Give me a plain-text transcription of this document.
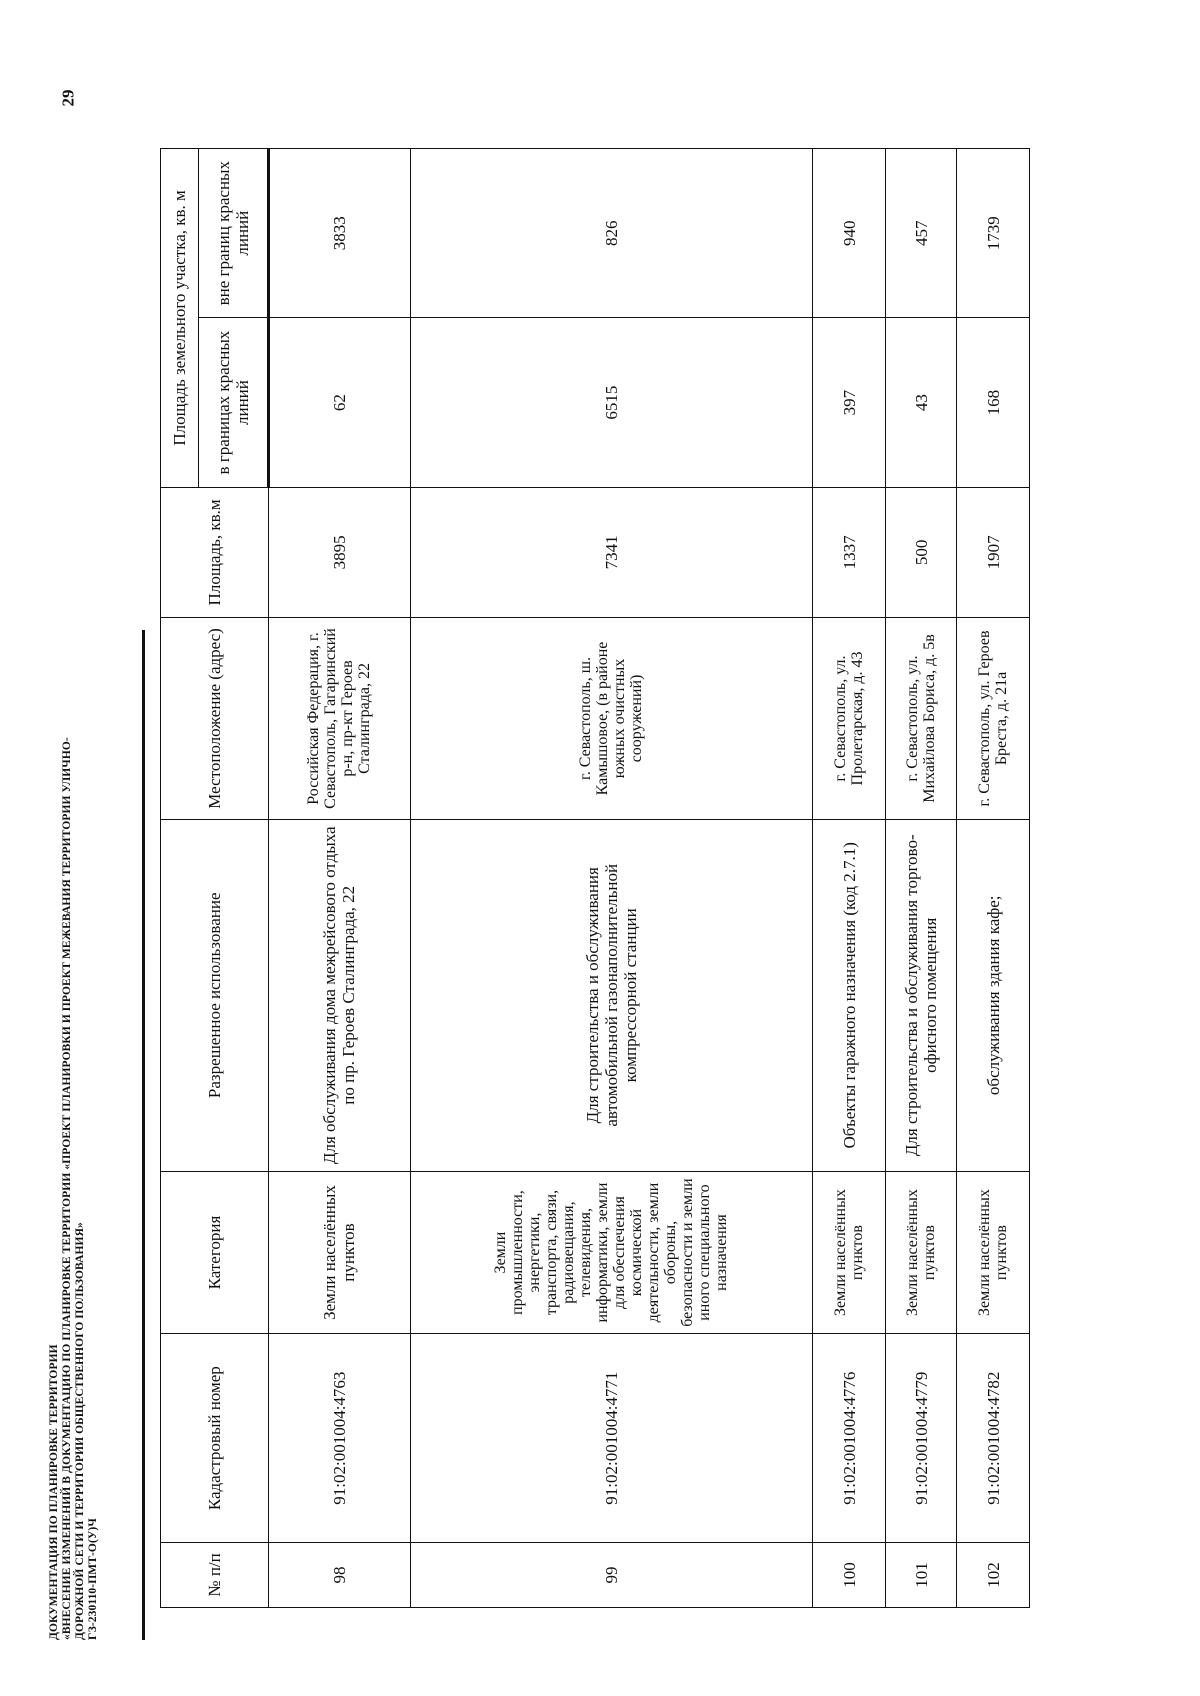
ДОКУМЕНТАЦИЯ ПО ПЛАНИРОВКЕ ТЕРРИТОРИИ «ВНЕСЕНИЕ ИЗМЕНЕНИЙ В ДОКУМЕНТАЦИЮ ПО ПЛАНИРОВКЕ ТЕРРИТОРИИ «ПРОЕКТ ПЛАНИРОВКИ И ПРОЕКТ МЕЖЕВАНИЯ ТЕРРИТОРИИ УЛИЧНО- ДОРОЖНОЙ СЕТИ И ТЕРРИТОРИИ ОБЩЕСТВЕННОГО ПОЛЬЗОВАНИЯ» ГЗ-230110-ПМТ-О(У)Ч
29
№ п/п	Кадастровый номер	Категория	Разрешенное использование	Местоположение (адрес)	Площадь, кв.м	Площадь земельного участка, кв. м	
						в границах красных линий	вне границ красных линий
98	91:02:001004:4763	Земли населённых пунктов	Для обслуживания дома межрейсового отдыха по пр. Героев Сталинграда, 22	Российская Федерация, г. Севастополь, Гагаринский р-н, пр-кт Героев Сталинграда, 22	3895	62	3833
99	91:02:001004:4771	Земли промышленности, энергетики, транспорта, связи, радиовещания, телевидения, информатики, земли для обеспечения космической деятельности, земли обороны, безопасности и земли иного специального назначения	Для строительства и обслуживания автомобильной газонаполнительной компрессорной станции	г. Севастополь, ш. Камышовое, (в районе южных очистных сооружений)	7341	6515	826
100	91:02:001004:4776	Земли населённых пунктов	Объекты гаражного назначения (код 2.7.1)	г. Севастополь, ул. Пролетарская, д. 43	1337	397	940
101	91:02:001004:4779	Земли населённых пунктов	Для строительства и обслуживания торгово-офисного помещения	г. Севастополь, ул. Михайлова Бориса, д. 5в	500	43	457
102	91:02:001004:4782	Земли населённых пунктов	обслуживания здания кафе;	г. Севастополь, ул. Героев Бреста, д. 21а	1907	168	1739
